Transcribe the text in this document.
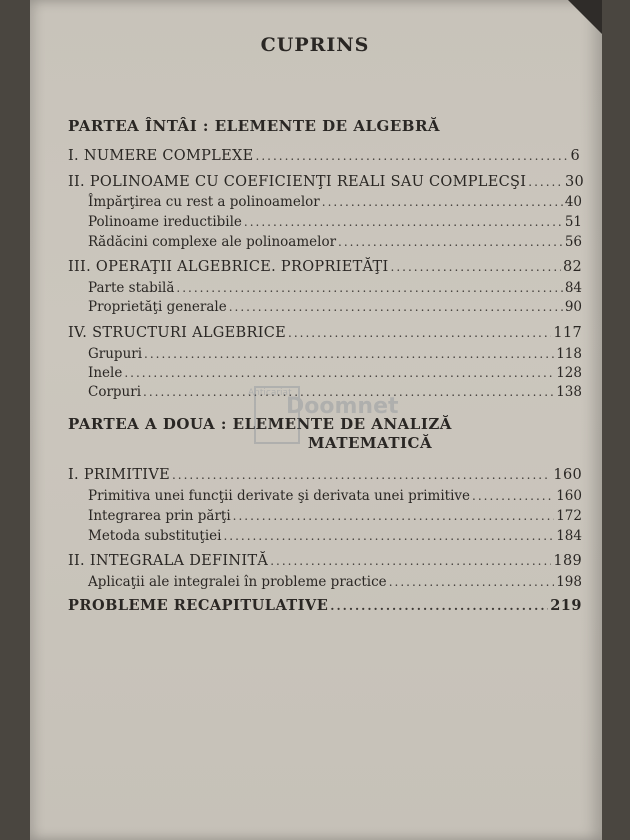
CUPRINS
PARTEA ÎNTÂI : ELEMENTE DE ALGEBRĂ
I. NUMERE COMPLEXE .....	6
II. POLINOAME CU COEFICIENŢI REALI SAU COMPLECŞI .....	30
Împărţirea cu rest a polinoamelor .....	40
Polinoame ireductibile .....	51
Rădăcini complexe ale polinoamelor .....	56
III. OPERAŢII ALGEBRICE. PROPRIETĂŢI .....	82
Parte stabilă .....	84
Proprietăţi generale .....	90
IV. STRUCTURI ALGEBRICE .....	117
Grupuri .....	118
Inele .....	128
Corpuri .....	138
PARTEA A DOUA : ELEMENTE DE ANALIZĂ
MATEMATICĂ
I. PRIMITIVE .....	160
Primitiva unei funcţii derivate şi derivata unei primitive .....	160
Integrarea prin părţi .....	172
Metoda substituţiei .....	184
II. INTEGRALA DEFINITĂ .....	189
Aplicaţii ale integralei în probleme practice .....	198
PROBLEME RECAPITULATIVE .....	219
Doomnet
Anticariat
